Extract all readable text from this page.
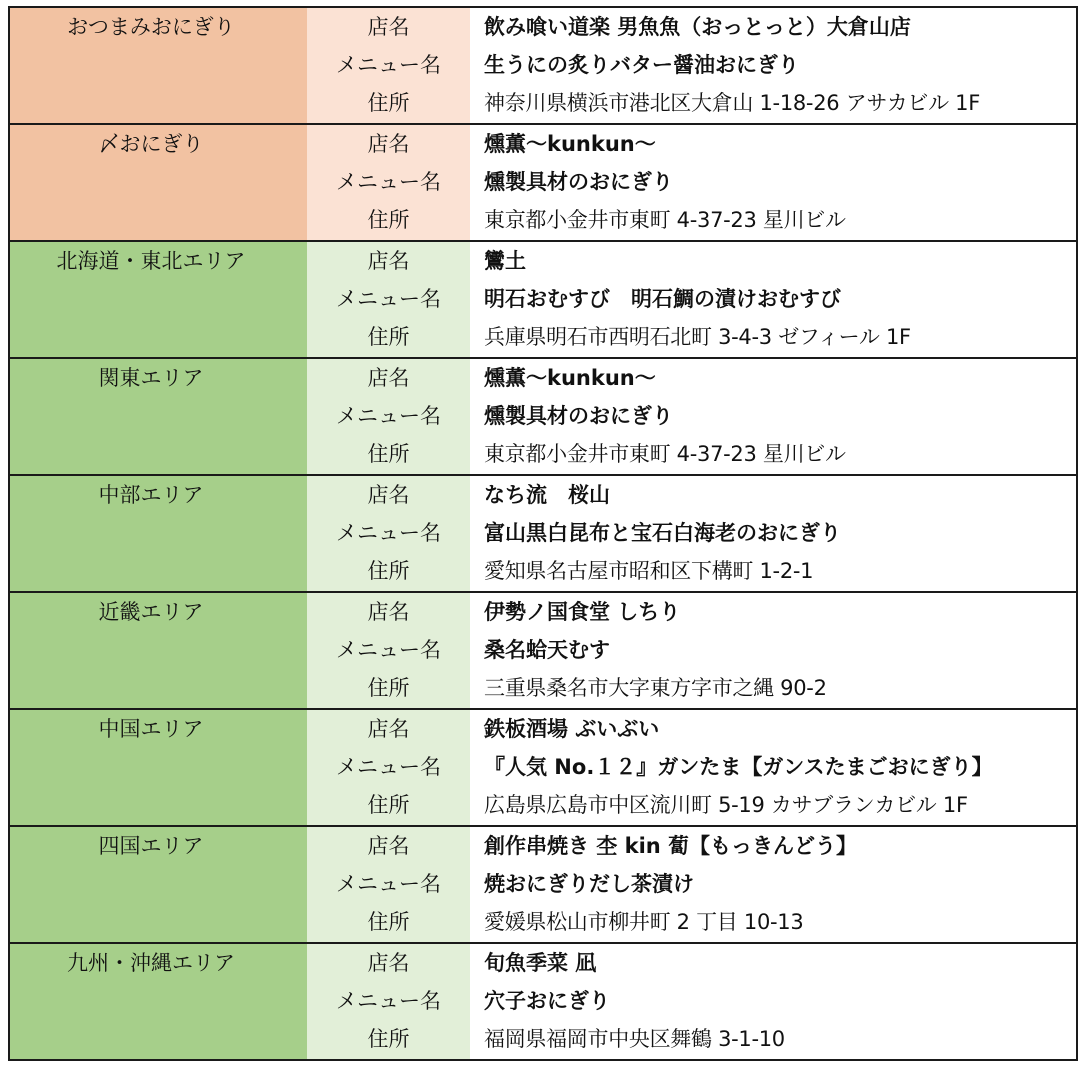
おつまみおにぎり	店名	飲み喰い道楽 男魚魚（おっとっと）大倉山店
	メニュー名	生うにの炙りバター醤油おにぎり
	住所	神奈川県横浜市港北区大倉山 1-18-26 アサカビル 1F

〆おにぎり	店名	燻薫～kunkun～
	メニュー名	燻製具材のおにぎり
	住所	東京都小金井市東町 4-37-23 星川ビル

北海道・東北エリア	店名	鸞土
	メニュー名	明石おむすび　明石鯛の漬けおむすび
	住所	兵庫県明石市西明石北町 3-4-3 ゼフィール 1F

関東エリア	店名	燻薫～kunkun～
	メニュー名	燻製具材のおにぎり
	住所	東京都小金井市東町 4-37-23 星川ビル

中部エリア	店名	なち流　桜山
	メニュー名	富山黒白昆布と宝石白海老のおにぎり
	住所	愛知県名古屋市昭和区下構町 1-2-1

近畿エリア	店名	伊勢ノ国食堂 しちり
	メニュー名	桑名蛤天むす
	住所	三重県桑名市大字東方字市之縄 90-2

中国エリア	店名	鉄板酒場 ぶいぶい
	メニュー名	『人気 No.１２』ガンたま【ガンスたまごおにぎり】
	住所	広島県広島市中区流川町 5-19 カサブランカビル 1F

四国エリア	店名	創作串焼き 杢 kin 蔔【もっきんどう】
	メニュー名	焼おにぎりだし茶漬け
	住所	愛媛県松山市柳井町 2 丁目 10-13

九州・沖縄エリア	店名	旬魚季菜 凪
	メニュー名	穴子おにぎり
	住所	福岡県福岡市中央区舞鶴 3-1-10
